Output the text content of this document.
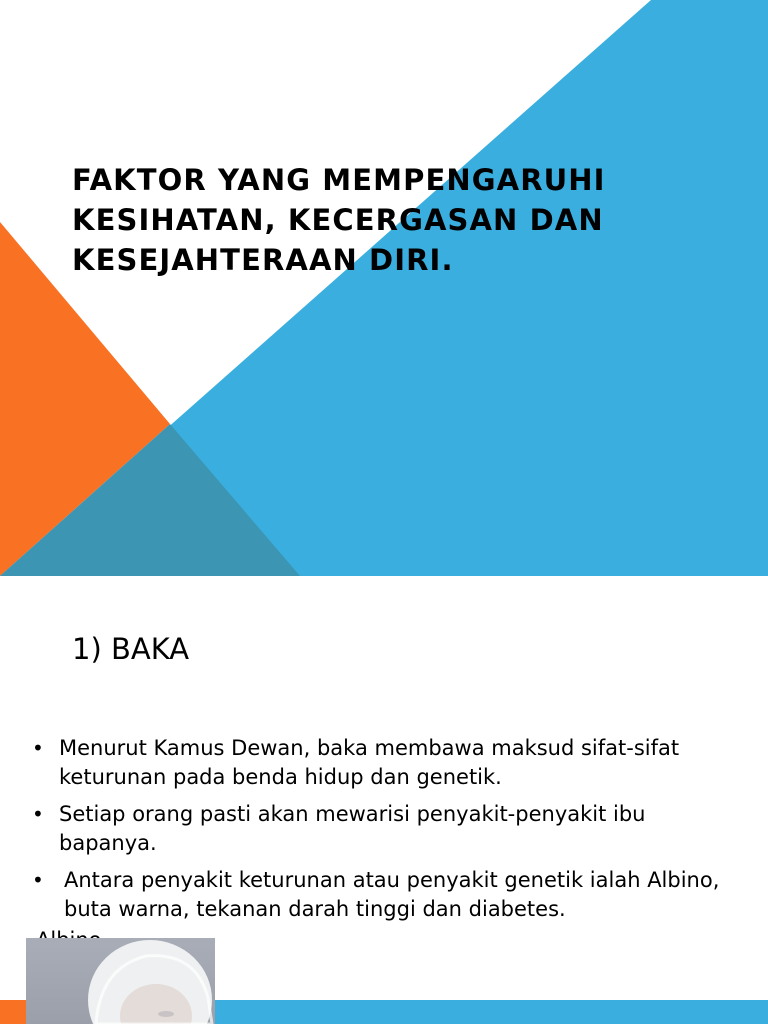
FAKTOR YANG MEMPENGARUHI KESIHATAN, KECERGASAN DAN KESEJAHTERAAN DIRI.
1) BAKA
• Menurut Kamus Dewan, baka membawa maksud sifat-sifat keturunan pada benda hidup dan genetik.
• Setiap orang pasti akan mewarisi penyakit-penyakit ibu bapanya.
• Antara penyakit keturunan atau penyakit genetik ialah Albino, buta warna, tekanan darah tinggi dan diabetes.
